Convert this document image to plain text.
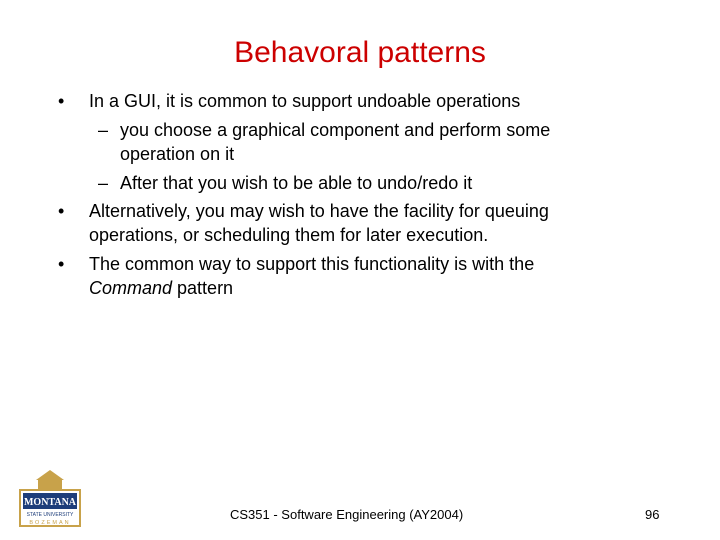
Behavoral patterns
• In a GUI, it is common to support undoable operations
– you choose a graphical component and perform some
operation on it
– After that you wish to be able to undo/redo it
• Alternatively, you may wish to have the facility for queuing
operations, or scheduling them for later execution.
• The common way to support this functionality is with the
Command pattern
MONTANA
STATE UNIVERSITY
BOZEMAN
CS351 - Software Engineering (AY2004)	96
